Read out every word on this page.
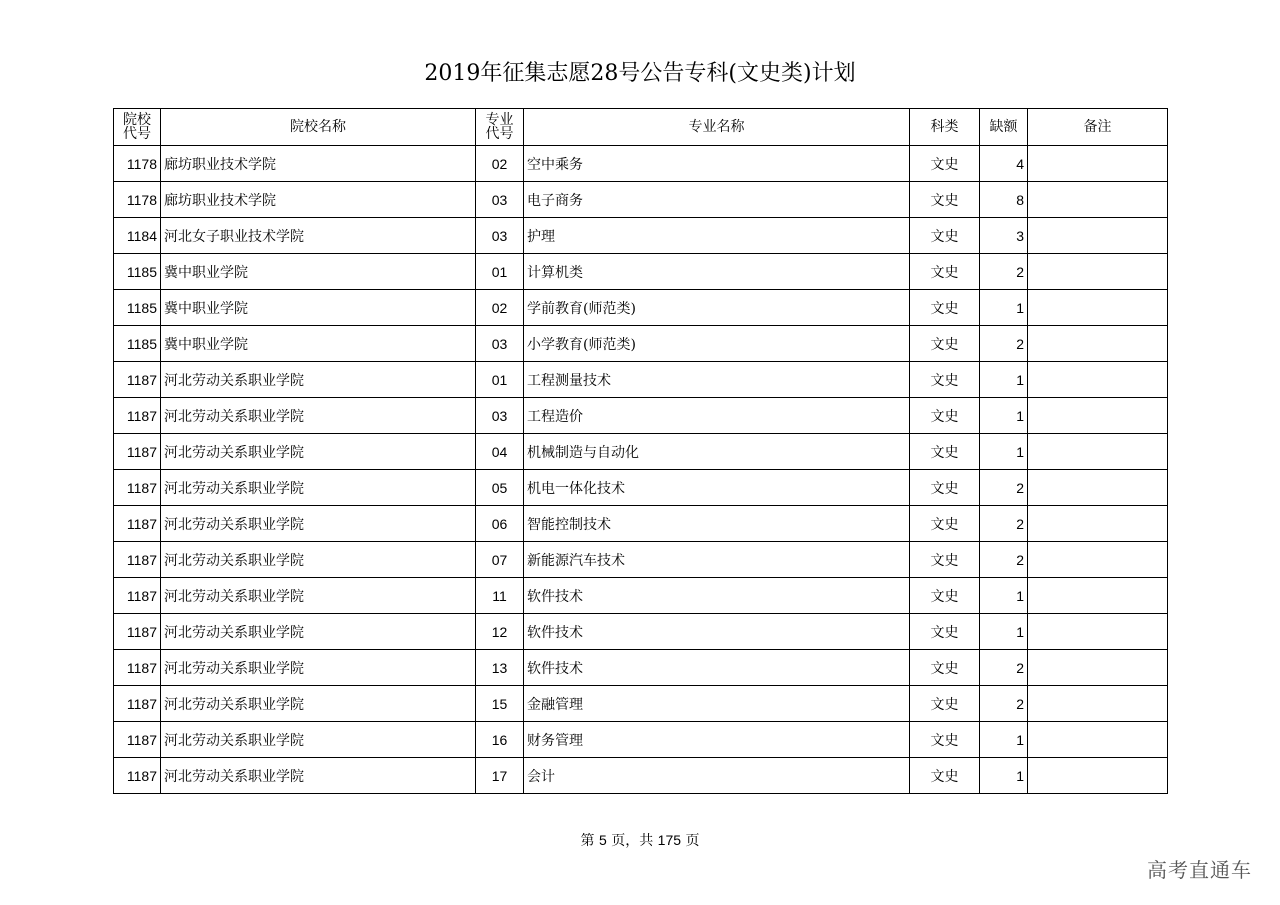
2019年征集志愿28号公告专科(文史类)计划
院校代号	院校名称	专业代号	专业名称	科类	缺额	备注
1178	廊坊职业技术学院	02	空中乘务	文史	4	
1178	廊坊职业技术学院	03	电子商务	文史	8	
1184	河北女子职业技术学院	03	护理	文史	3	
1185	冀中职业学院	01	计算机类	文史	2	
1185	冀中职业学院	02	学前教育(师范类)	文史	1	
1185	冀中职业学院	03	小学教育(师范类)	文史	2	
1187	河北劳动关系职业学院	01	工程测量技术	文史	1	
1187	河北劳动关系职业学院	03	工程造价	文史	1	
1187	河北劳动关系职业学院	04	机械制造与自动化	文史	1	
1187	河北劳动关系职业学院	05	机电一体化技术	文史	2	
1187	河北劳动关系职业学院	06	智能控制技术	文史	2	
1187	河北劳动关系职业学院	07	新能源汽车技术	文史	2	
1187	河北劳动关系职业学院	11	软件技术	文史	1	
1187	河北劳动关系职业学院	12	软件技术	文史	1	
1187	河北劳动关系职业学院	13	软件技术	文史	2	
1187	河北劳动关系职业学院	15	金融管理	文史	2	
1187	河北劳动关系职业学院	16	财务管理	文史	1	
1187	河北劳动关系职业学院	17	会计	文史	1	
第 5 页，共 175 页
高考直通车
